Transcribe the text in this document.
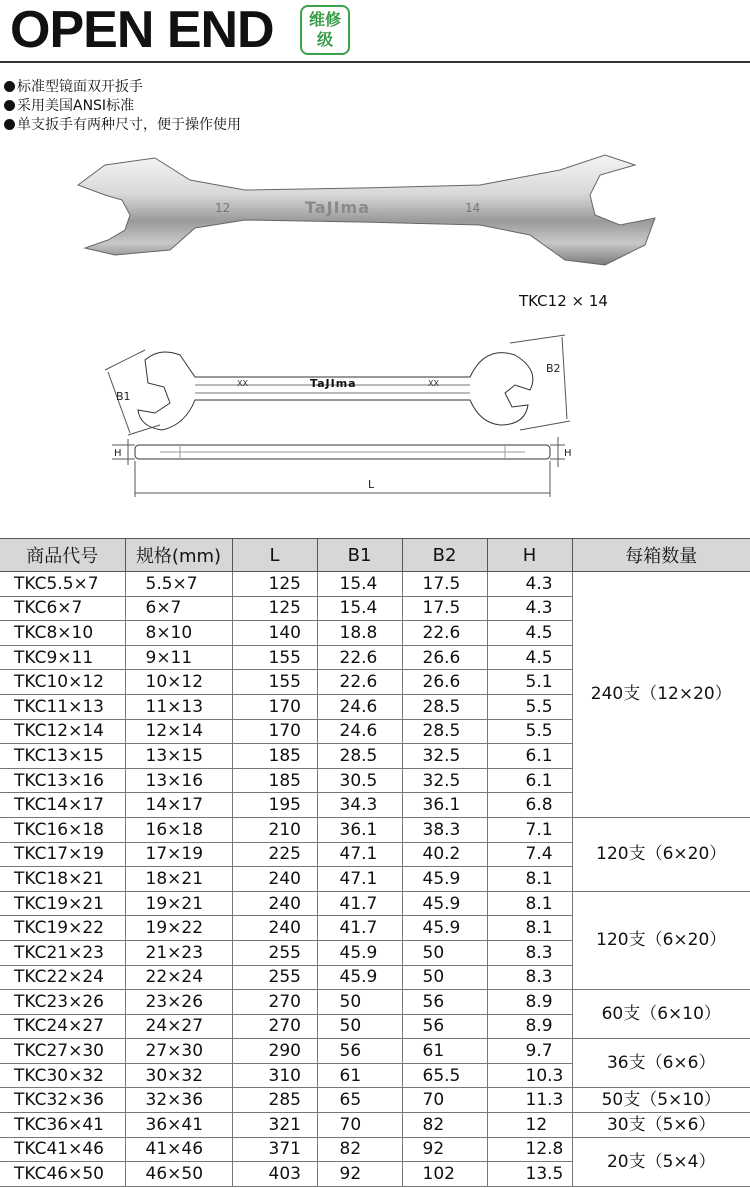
OPEN END	维修
级
标准型镜面双开扳手
采用美国ANSI标准
单支扳手有两种尺寸，便于操作使用
12	TaJIma	14
TKC12 × 14
B1
B2
XX	TaJIma	XX
H	H
L
商品代号	规格(mm)	L	B1	B2	H	每箱数量
TKC5.5×7	5.5×7	125	15.4	17.5	4.3	240支（12×20）
TKC6×7	6×7	125	15.4	17.5	4.3	
TKC8×10	8×10	140	18.8	22.6	4.5	
TKC9×11	9×11	155	22.6	26.6	4.5	
TKC10×12	10×12	155	22.6	26.6	5.1	
TKC11×13	11×13	170	24.6	28.5	5.5	
TKC12×14	12×14	170	24.6	28.5	5.5	
TKC13×15	13×15	185	28.5	32.5	6.1	
TKC13×16	13×16	185	30.5	32.5	6.1	
TKC14×17	14×17	195	34.3	36.1	6.8	
TKC16×18	16×18	210	36.1	38.3	7.1	120支（6×20）
TKC17×19	17×19	225	47.1	40.2	7.4	
TKC18×21	18×21	240	47.1	45.9	8.1	
TKC19×21	19×21	240	41.7	45.9	8.1	120支（6×20）
TKC19×22	19×22	240	41.7	45.9	8.1	
TKC21×23	21×23	255	45.9	50	8.3	
TKC22×24	22×24	255	45.9	50	8.3	
TKC23×26	23×26	270	50	56	8.9	60支（6×10）
TKC24×27	24×27	270	50	56	8.9	
TKC27×30	27×30	290	56	61	9.7	36支（6×6）
TKC30×32	30×32	310	61	65.5	10.3	
TKC32×36	32×36	285	65	70	11.3	50支（5×10）
TKC36×41	36×41	321	70	82	12	30支（5×6）
TKC41×46	41×46	371	82	92	12.8	20支（5×4）
TKC46×50	46×50	403	92	102	13.5	
